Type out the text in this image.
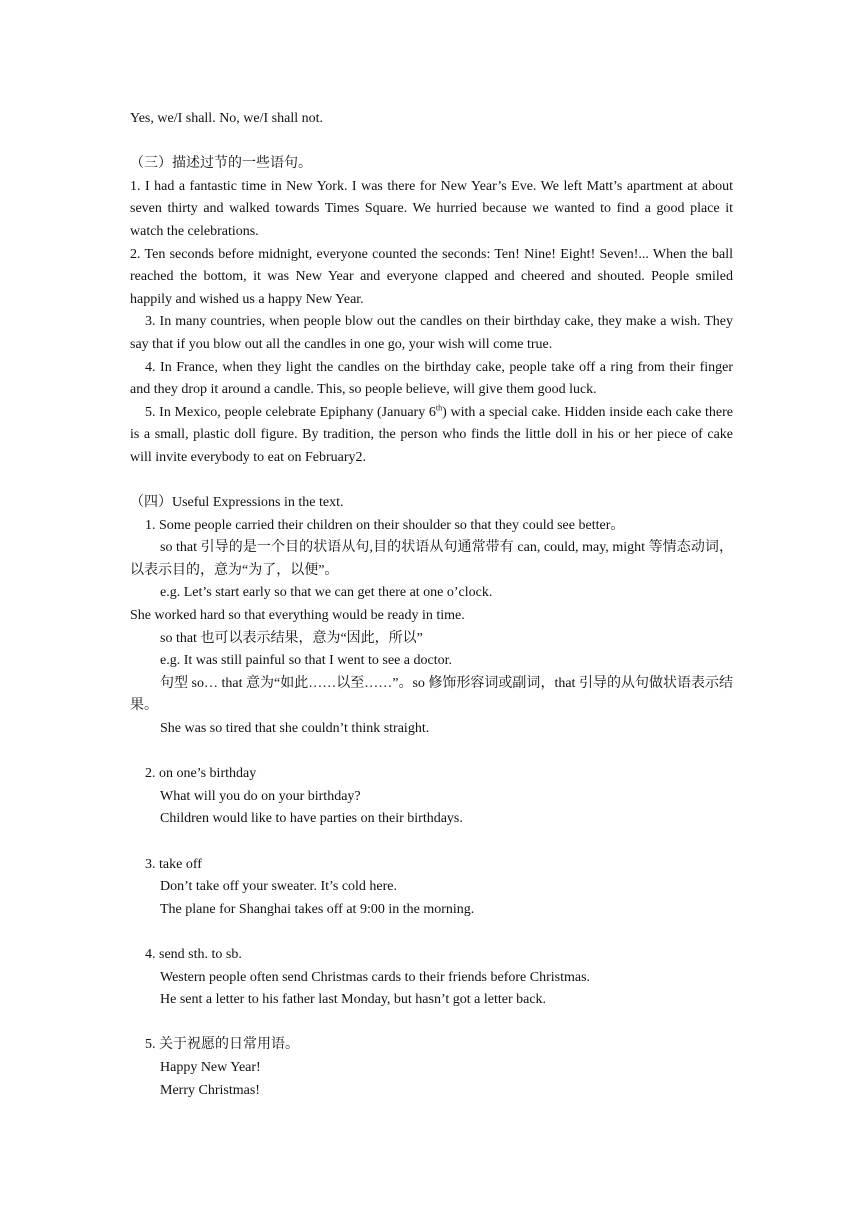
Yes, we/I shall. No, we/I shall not.
（三）描述过节的一些语句。
1. I had a fantastic time in New York. I was there for New Year’s Eve. We left Matt’s apartment at about seven thirty and walked towards Times Square. We hurried because we wanted to find a good place it watch the celebrations.
2. Ten seconds before midnight, everyone counted the seconds: Ten! Nine! Eight! Seven!... When the ball reached the bottom, it was New Year and everyone clapped and cheered and shouted. People smiled happily and wished us a happy New Year.
3. In many countries, when people blow out the candles on their birthday cake, they make a wish. They say that if you blow out all the candles in one go, your wish will come true.
4. In France, when they light the candles on the birthday cake, people take off a ring from their finger and they drop it around a candle. This, so people believe, will give them good luck.
5. In Mexico, people celebrate Epiphany (January 6th) with a special cake. Hidden inside each cake there is a small, plastic doll figure. By tradition, the person who finds the little doll in his or her piece of cake will invite everybody to eat on February2.
（四）Useful Expressions in the text.
1. Some people carried their children on their shoulder so that they could see better。
so that 引导的是一个目的状语从句,目的状语从句通常带有 can, could, may, might 等情态动词，以表示目的，意为“为了，以便”。
e.g. Let’s start early so that we can get there at one o’clock.
She worked hard so that everything would be ready in time.
so that 也可以表示结果，意为“因此，所以”
e.g. It was still painful so that I went to see a doctor.
句型 so… that 意为“如此……以至……”。so 修饰形容词或副词，that 引导的从句做状语表示结果。
She was so tired that she couldn’t think straight.
2. on one’s birthday
What will you do on your birthday?
Children would like to have parties on their birthdays.
3. take off
Don’t take off your sweater. It’s cold here.
The plane for Shanghai takes off at 9:00 in the morning.
4. send sth. to sb.
Western people often send Christmas cards to their friends before Christmas.
He sent a letter to his father last Monday, but hasn’t got a letter back.
5. 关于祝愿的日常用语。
Happy New Year!
Merry Christmas!
